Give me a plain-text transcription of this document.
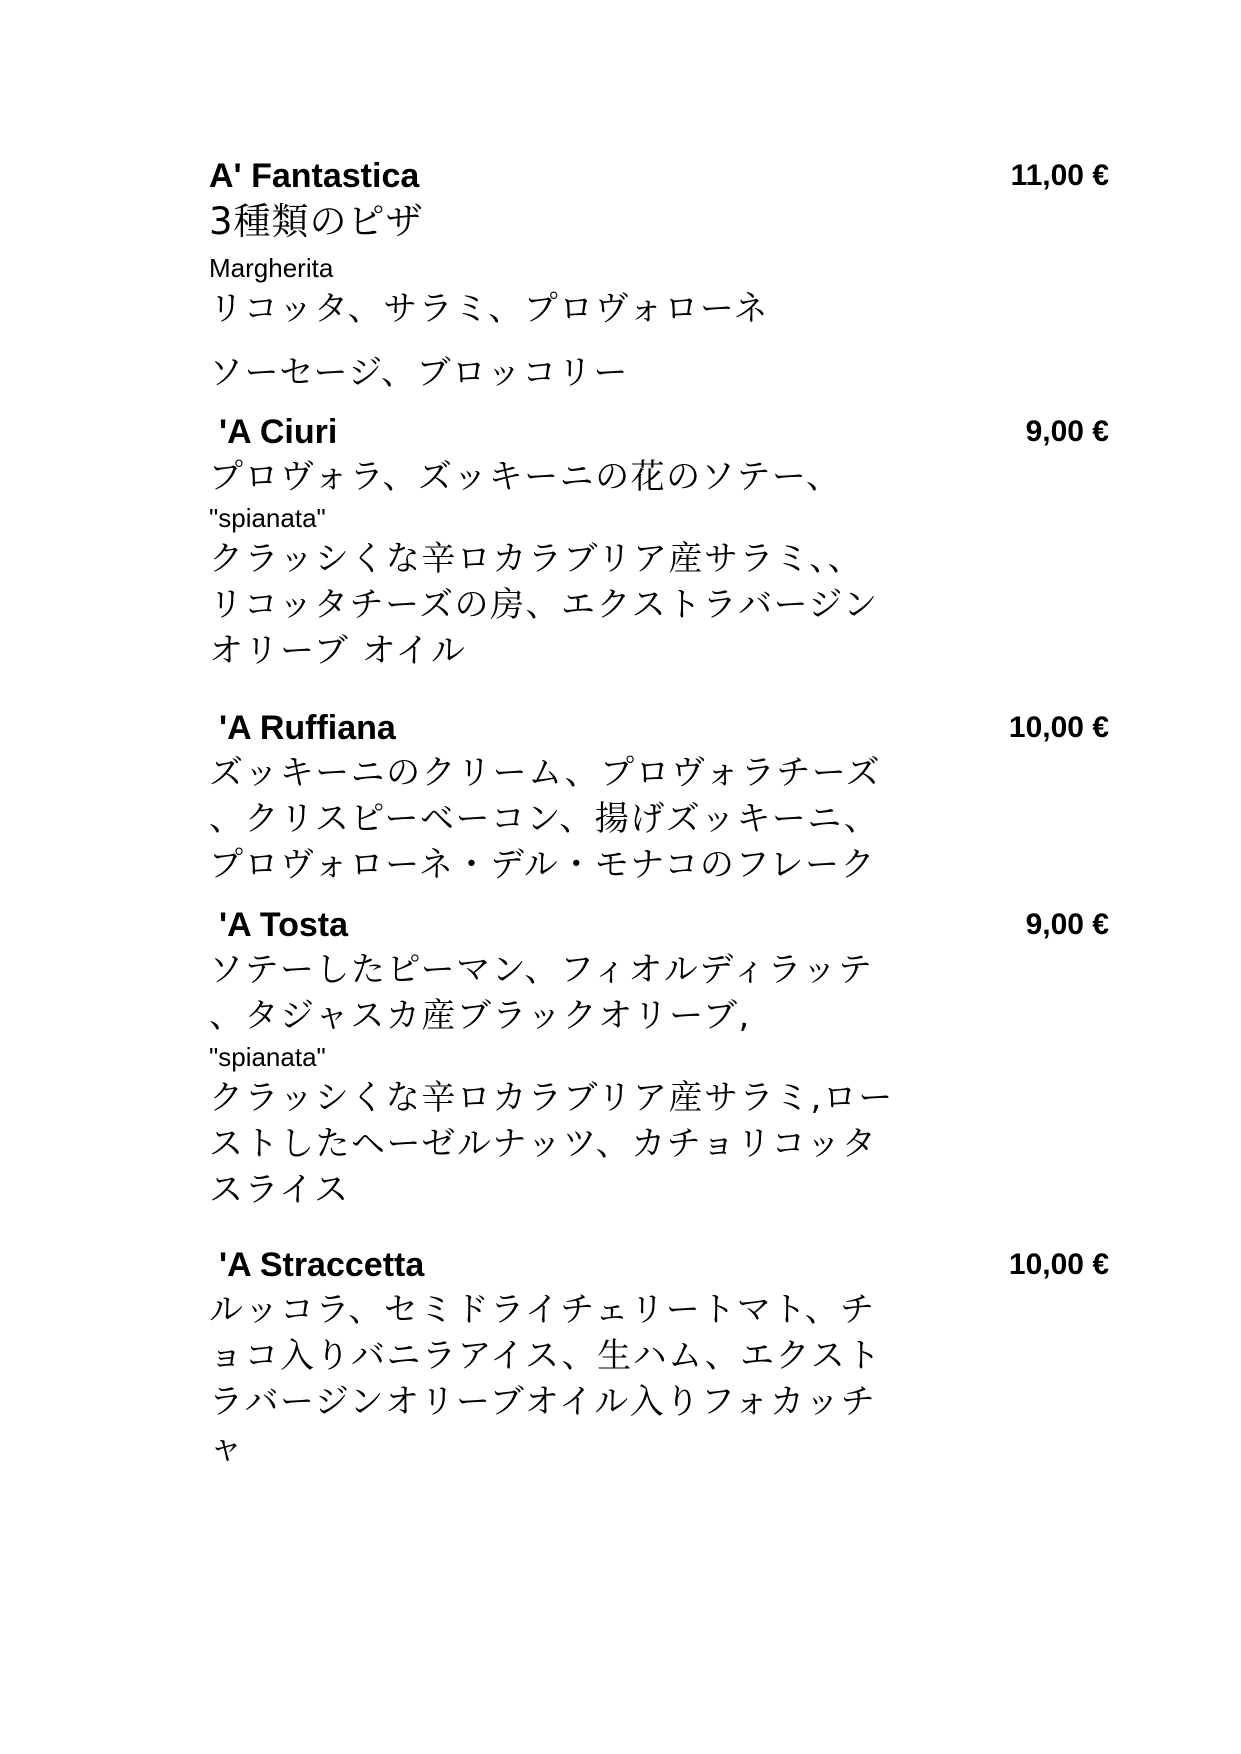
A' Fantastica	11,00 €
3種類のピザ
Margherita
リコッタ、サラミ、プロヴォローネ
ソーセージ、ブロッコリー
'A Ciuri	9,00 €
プロヴォラ、ズッキーニの花のソテー、
"spianata"
クラッシくな辛ロカラブリア産サラミ、、
リコッタチーズの房、エクストラバージン
オリーブ オイル
'A Ruffiana	10,00 €
ズッキーニのクリーム、プロヴォラチーズ
、クリスピーベーコン、揚げズッキーニ、
プロヴォローネ・デル・モナコのフレーク
'A Tosta	9,00 €
ソテーしたピーマン、フィオルディラッテ
、タジャスカ産ブラックオリーブ,
"spianata"
クラッシくな辛ロカラブリア産サラミ,ロー
ストしたヘーゼルナッツ、カチョリコッタ
スライス
'A Straccetta	10,00 €
ルッコラ、セミドライチェリートマト、チ
ョコ入りバニラアイス、生ハム、エクスト
ラバージンオリーブオイル入りフォカッチ
ャ
